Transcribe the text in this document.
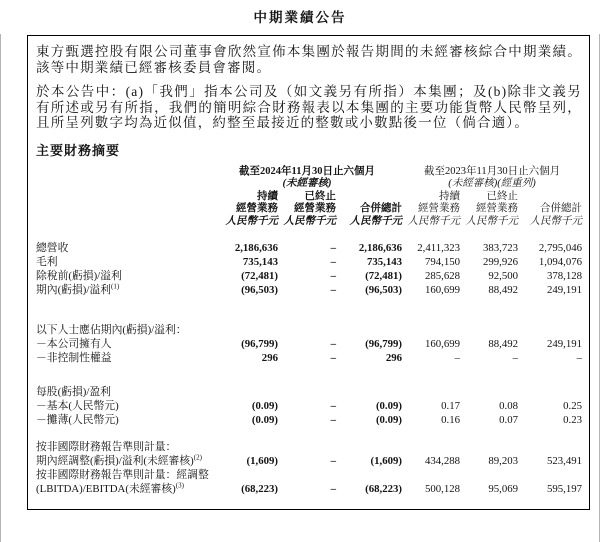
中期業績公告

東方甄選控股有限公司董事會欣然宣佈本集團於報告期間的未經審核綜合中期業績。該等中期業績已經審核委員會審閱。

於本公告中：(a)「我們」指本公司及（如文義另有所指）本集團；及(b)除非文義另有所述或另有所指，我們的簡明綜合財務報表以本集團的主要功能貨幣人民幣呈列，且所呈列數字均為近似值，約整至最接近的整數或小數點後一位（倘合適）。

主要財務摘要
	截至2024年11月30日止六個月			截至2023年11月30日止六個月		
	(未經審核)			(未經審核)(經重列)		
	持續	已終止		持續	已終止	
	經營業務	經營業務	合併總計	經營業務	經營業務	合併總計
	人民幣千元	人民幣千元	人民幣千元	人民幣千元	人民幣千元	人民幣千元

總營收	2,186,636	–	2,186,636	2,411,323	383,723	2,795,046
毛利	735,143	–	735,143	794,150	299,926	1,094,076
除稅前(虧損)/溢利	(72,481)	–	(72,481)	285,628	92,500	378,128
期內(虧損)/溢利$^{(1)}$	(96,503)	–	(96,503)	160,699	88,492	249,191

以下人士應佔期內(虧損)/溢利：						
－本公司擁有人	(96,799)	–	(96,799)	160,699	88,492	249,191
－非控制性權益	296	–	296	–	–	–

每股(虧損)/盈利						
－基本(人民幣元)	(0.09)	–	(0.09)	0.17	0.08	0.25
－攤薄(人民幣元)	(0.09)	–	(0.09)	0.16	0.07	0.23

按非國際財務報告準則計量：						
期內經調整(虧損)/溢利(未經審核)$^{(2)}$	(1,609)	–	(1,609)	434,288	89,203	523,491
按非國際財務報告準則計量：經調整						
(LBITDA)/EBITDA(未經審核)$^{(3)}$	(68,223)	–	(68,223)	500,128	95,069	595,197
